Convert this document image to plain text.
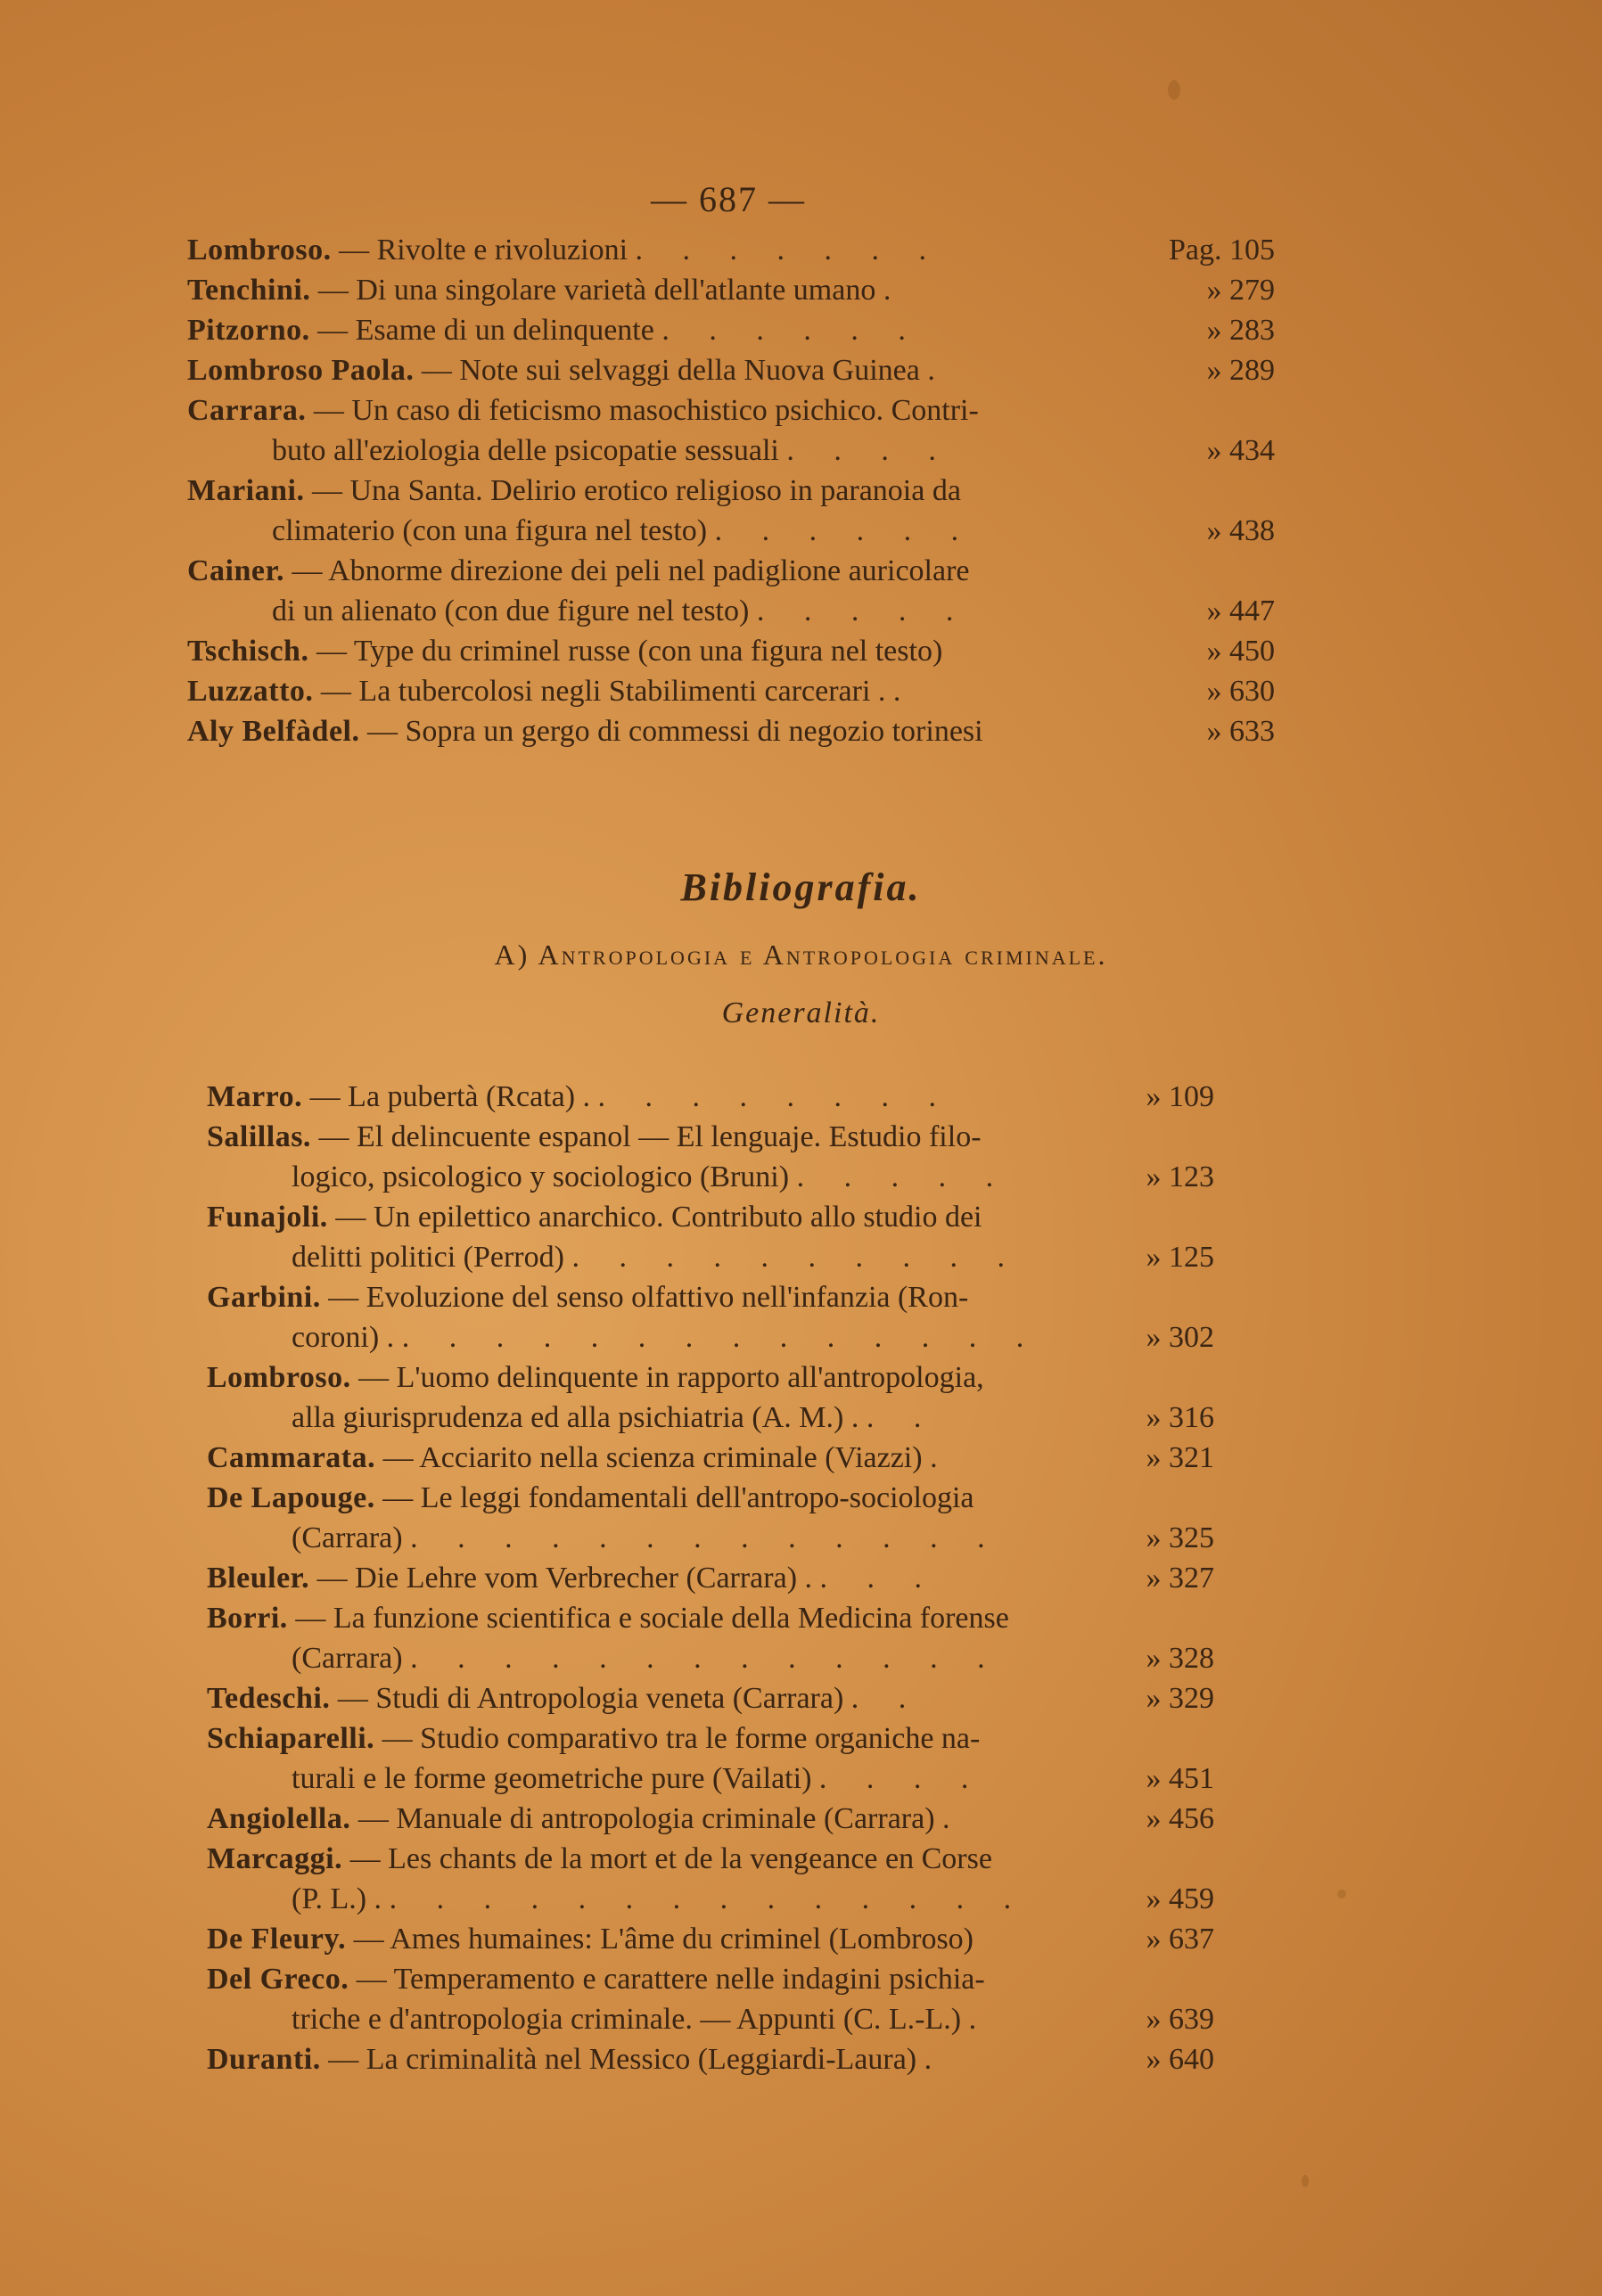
— 687 —
Lombroso. — Rivolte e rivoluzioni . . . . . . .	Pag. 105
Tenchini. — Di una singolare varietà dell'atlante umano .	» 279
Pitzorno. — Esame di un delinquente . . . . . .	» 283
Lombroso Paola. — Note sui selvaggi della Nuova Guinea .	» 289
Carrara. — Un caso di feticismo masochistico psichico. Contri-
buto all'eziologia delle psicopatie sessuali . . . .	» 434
Mariani. — Una Santa. Delirio erotico religioso in paranoia da
climaterio (con una figura nel testo) . . . . . .	» 438
Cainer. — Abnorme direzione dei peli nel padiglione auricolare
di un alienato (con due figure nel testo) . . . . .	» 447
Tschisch. — Type du criminel russe (con una figura nel testo)	» 450
Luzzatto. — La tubercolosi negli Stabilimenti carcerari . .	» 630
Aly Belfàdel. — Sopra un gergo di commessi di negozio torinesi	» 633
Bibliografia.
A) Antropologia e Antropologia criminale.
Generalità.
Marro. — La pubertà (Rcata) . . . . . . . . .	» 109
Salillas. — El delincuente espanol — El lenguaje. Estudio filo-
logico, psicologico y sociologico (Bruni) . . . . .	» 123
Funajoli. — Un epilettico anarchico. Contributo allo studio dei
delitti politici (Perrod) . . . . . . . . . .	» 125
Garbini. — Evoluzione del senso olfattivo nell'infanzia (Ron-
coroni) . . . . . . . . . . . . . . .	» 302
Lombroso. — L'uomo delinquente in rapporto all'antropologia,
alla giurisprudenza ed alla psichiatria (A. M.) . . .	» 316
Cammarata. — Acciarito nella scienza criminale (Viazzi) .	» 321
De Lapouge. — Le leggi fondamentali dell'antropo-sociologia
(Carrara) . . . . . . . . . . . . .	» 325
Bleuler. — Die Lehre vom Verbrecher (Carrara) . . . .	» 327
Borri. — La funzione scientifica e sociale della Medicina forense
(Carrara) . . . . . . . . . . . . .	» 328
Tedeschi. — Studi di Antropologia veneta (Carrara) . .	» 329
Schiaparelli. — Studio comparativo tra le forme organiche na-
turali e le forme geometriche pure (Vailati) . . . .	» 451
Angiolella. — Manuale di antropologia criminale (Carrara) .	» 456
Marcaggi. — Les chants de la mort et de la vengeance en Corse
(P. L.) . . . . . . . . . . . . . . .	» 459
De Fleury. — Ames humaines: L'âme du criminel (Lombroso)	» 637
Del Greco. — Temperamento e carattere nelle indagini psichia-
triche e d'antropologia criminale. — Appunti (C. L.-L.) .	» 639
Duranti. — La criminalità nel Messico (Leggiardi-Laura) .	» 640
